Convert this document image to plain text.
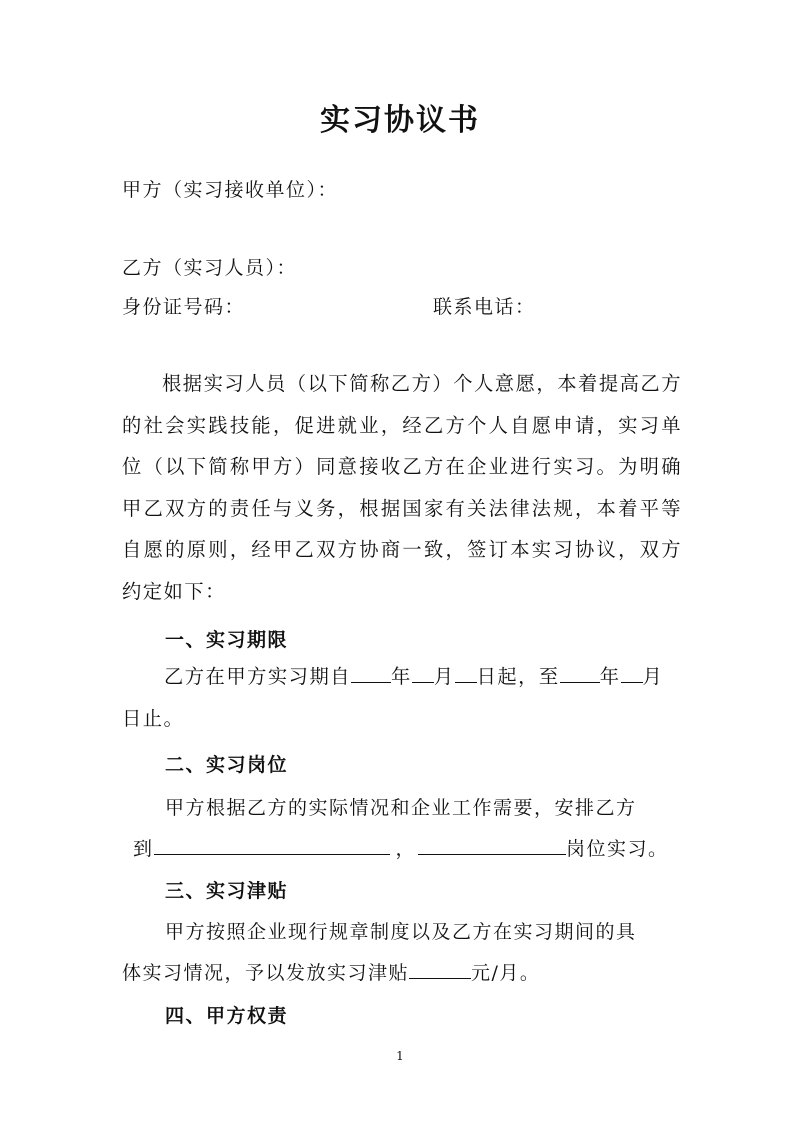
实习协议书
甲方（实习接收单位）：
乙方（实习人员）：
身份证号码：	联系电话：
根据实习人员（以下简称乙方）个人意愿，本着提高乙方的社会实践技能，促进就业，经乙方个人自愿申请，实习单位（以下简称甲方）同意接收乙方在企业进行实习。为明确甲乙双方的责任与义务，根据国家有关法律法规，本着平等自愿的原则，经甲乙双方协商一致，签订本实习协议，双方约定如下：
一、实习期限
乙方在甲方实习期自 年 月 日起，至 年 月
日止。
二、实习岗位
甲方根据乙方的实际情况和企业工作需要，安排乙方
到	，	岗位实习。
三、实习津贴
甲方按照企业现行规章制度以及乙方在实习期间的具
体实习情况，予以发放实习津贴	元/月。
四、甲方权责
1
